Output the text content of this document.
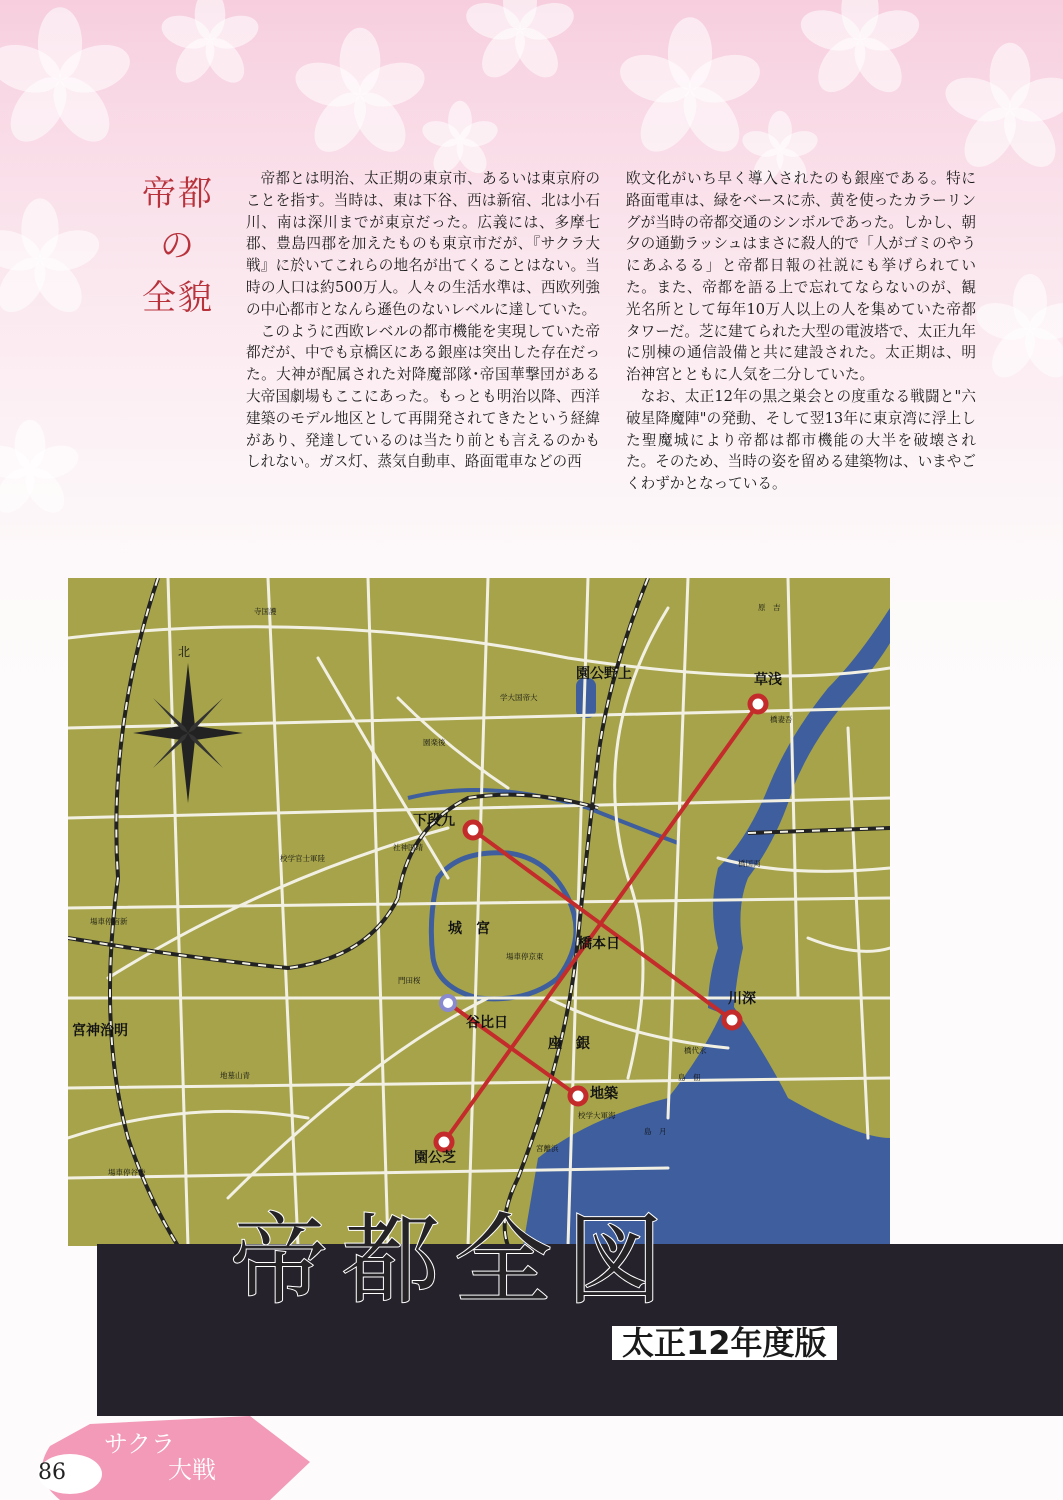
帝都
の
全貌

帝都とは明治、太正期の東京市、あるいは東京府のことを指す。当時は、東は下谷、西は新宿、北は小石川、南は深川までが東京だった。広義には、多摩七郡、豊島四郡を加えたものも東京市だが、『サクラ大戦』に於いてこれらの地名が出てくることはない。当時の人口は約500万人。人々の生活水準は、西欧列強の中心都市となんら遜色のないレベルに達していた。

このように西欧レベルの都市機能を実現していた帝都だが、中でも京橋区にある銀座は突出した存在だった。大神が配属された対降魔部隊･帝国華撃団がある大帝国劇場もここにあった。もっとも明治以降、西洋建築のモデル地区として再開発されてきたという経緯があり、発達しているのは当たり前とも言えるのかもしれない。ガス灯、蒸気自動車、路面電車などの西

欧文化がいち早く導入されたのも銀座である。特に路面電車は、緑をベースに赤、黄を使ったカラーリングが当時の帝都交通のシンボルであった。しかし、朝夕の通勤ラッシュはまさに殺人的で「人がゴミのやうにあふるる」と帝都日報の社説にも挙げられていた。また、帝都を語る上で忘れてならないのが、観光名所として毎年10万人以上の人を集めていた帝都タワーだ。芝に建てられた大型の電波塔で、太正九年に別棟の通信設備と共に建設された。太正期は、明治神宮とともに人気を二分していた。

なお、太正12年の黒之巣会との度重なる戦闘と"六破星降魔陣"の発動、そして翌13年に東京湾に浮上した聖魔城により帝都は都市機能の大半を破壊された。そのため、当時の姿を留める建築物は、いまやごくわずかとなっている。

北
園公野上	草浅
下段九
城　宮
橋本日
川深
谷比日
座　銀
地築
園公芝
宮神治明
寺国護	原　吉
学大国帝大
園楽後
橋妻吾
社神国靖
校学官士軍陸
橋国両
場車停宿新
場車停京東
門田桜
橋代永
地墓山青	島　佃
校学大軍海
島　月
宮離浜
場車停谷渋
帝都全図
太正12年度版
サクラ
大戦
86
